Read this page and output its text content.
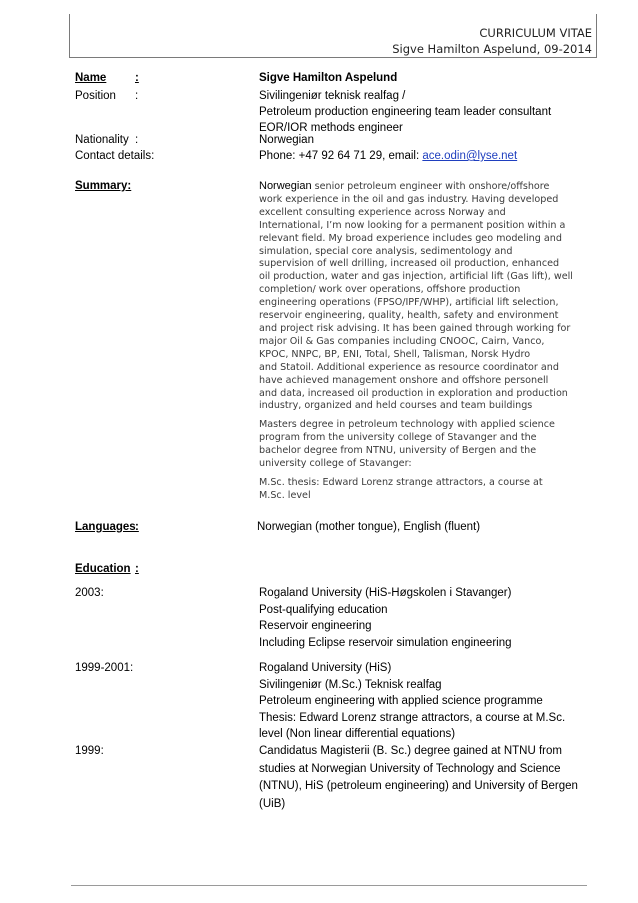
CURRICULUM VITAE
Sigve Hamilton Aspelund, 09-2014
Name :	Sigve Hamilton Aspelund
Position :	Sivilingeniør teknisk realfag /
Petroleum production engineering team leader consultant
EOR/IOR methods engineer
Nationality :	Norwegian
Contact details:	Phone: +47 92 64 71 29, email: ace.odin@lyse.net
Summary:	Norwegian senior petroleum engineer with onshore/offshore
work experience in the oil and gas industry. Having developed
excellent consulting experience across Norway and
International, I’m now looking for a permanent position within a
relevant field. My broad experience includes geo modeling and
simulation, special core analysis, sedimentology and
supervision of well drilling, increased oil production, enhanced
oil production, water and gas injection, artificial lift (Gas lift), well
completion/ work over operations, offshore production
engineering operations (FPSO/IPF/WHP), artificial lift selection,
reservoir engineering, quality, health, safety and environment
and project risk advising. It has been gained through working for
major Oil & Gas companies including CNOOC, Cairn, Vanco,
KPOC, NNPC, BP, ENI, Total, Shell, Talisman, Norsk Hydro
and Statoil. Additional experience as resource coordinator and
have achieved management onshore and offshore personell
and data, increased oil production in exploration and production
industry, organized and held courses and team buildings
Masters degree in petroleum technology with applied science
program from the university college of Stavanger and the
bachelor degree from NTNU, university of Bergen and the
university college of Stavanger:
M.Sc. thesis: Edward Lorenz strange attractors, a course at
M.Sc. level
Languages :	Norwegian (mother tongue), English (fluent)
Education :
2003:	Rogaland University (HiS-Høgskolen i Stavanger)
Post-qualifying education
Reservoir engineering
Including Eclipse reservoir simulation engineering
1999-2001:	Rogaland University (HiS)
Sivilingeniør (M.Sc.) Teknisk realfag
Petroleum engineering with applied science programme
Thesis: Edward Lorenz strange attractors, a course at M.Sc.
level (Non linear differential equations)
1999:	Candidatus Magisterii (B. Sc.) degree gained at NTNU from
studies at Norwegian University of Technology and Science
(NTNU), HiS (petroleum engineering) and University of Bergen
(UiB)
